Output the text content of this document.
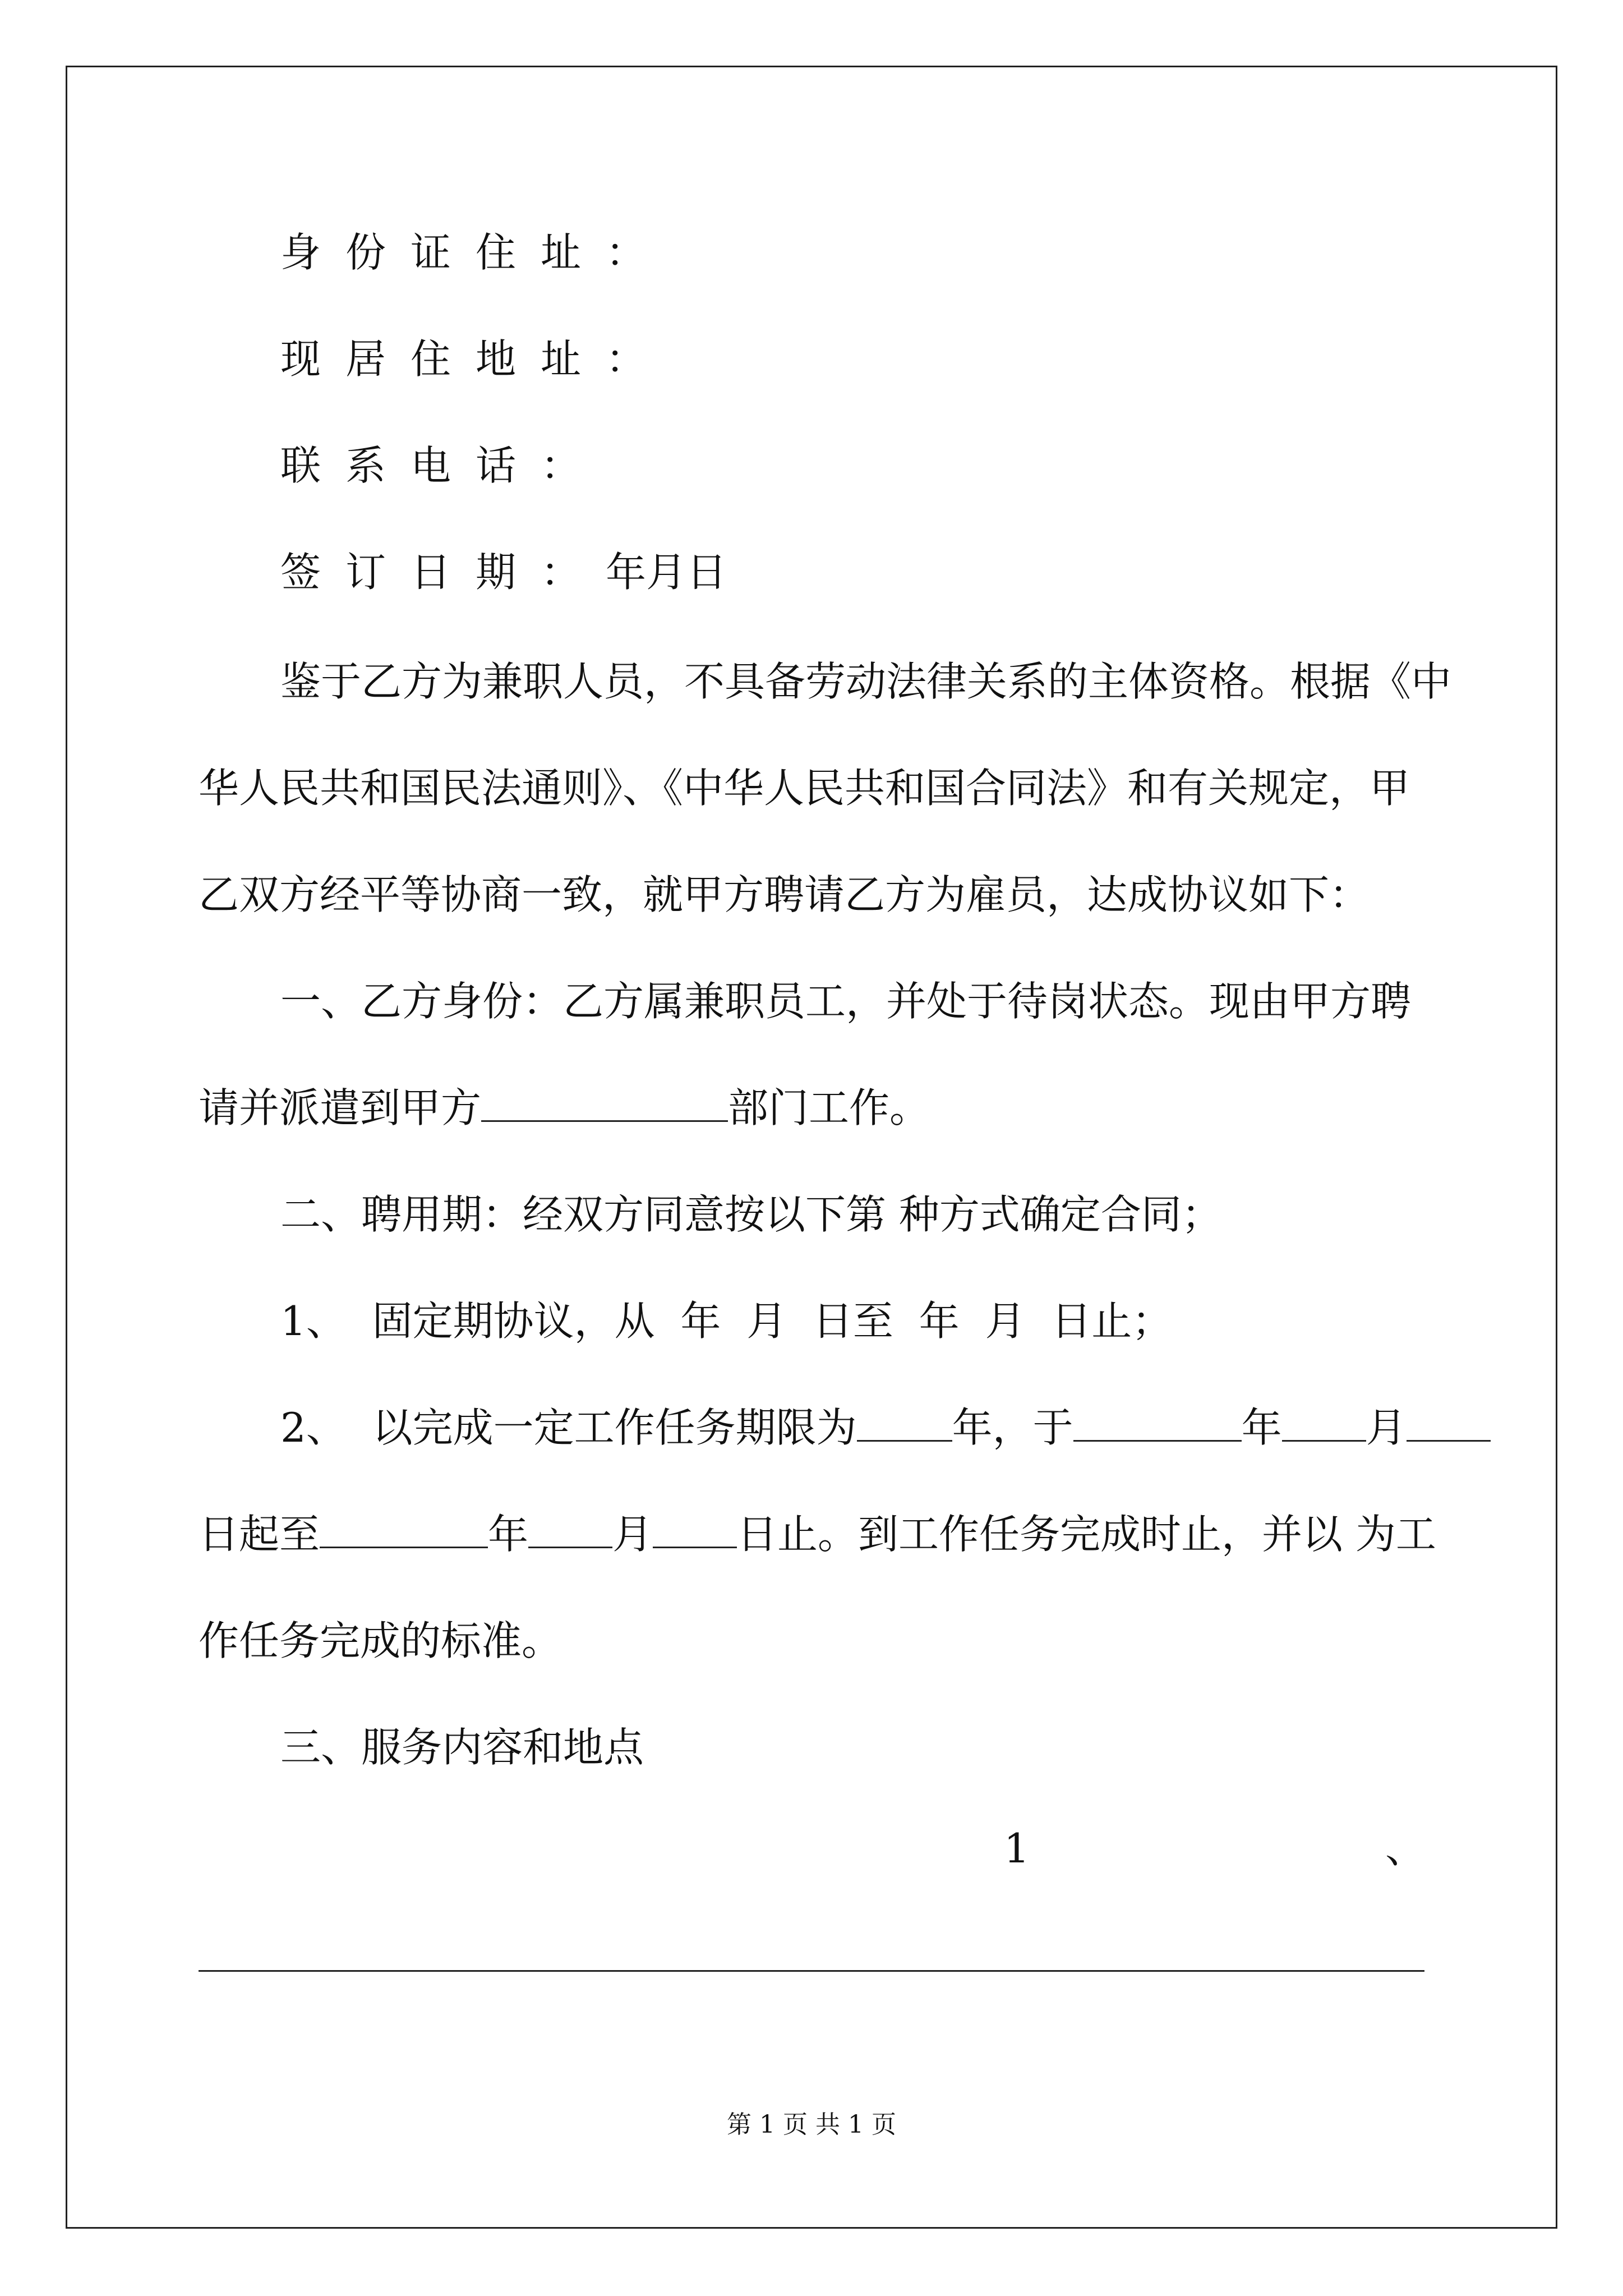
身份证住址：

现居住地址：

联系电话：

签订日期：年月日

鉴于乙方为兼职人员，不具备劳动法律关系的主体资格。根据《中

华人民共和国民法通则》、《中华人民共和国合同法》和有关规定，甲

乙双方经平等协商一致，就甲方聘请乙方为雇员，达成协议如下：

一、乙方身份：乙方属兼职员工，并处于待岗状态。现由甲方聘

请并派遣到甲方	部门工作。

二、聘用期：经双方同意按以下第 种方式确定合同；

1、  固定期协议，从  年  月  日至  年  月  日止；

2、  以完成一定工作任务期限为 年，于	年 月

日起至	年 月 日止。到工作任务完成时止，并以 为工

作任务完成的标准。

三、服务内容和地点

1	、

第 1 页 共 1 页
